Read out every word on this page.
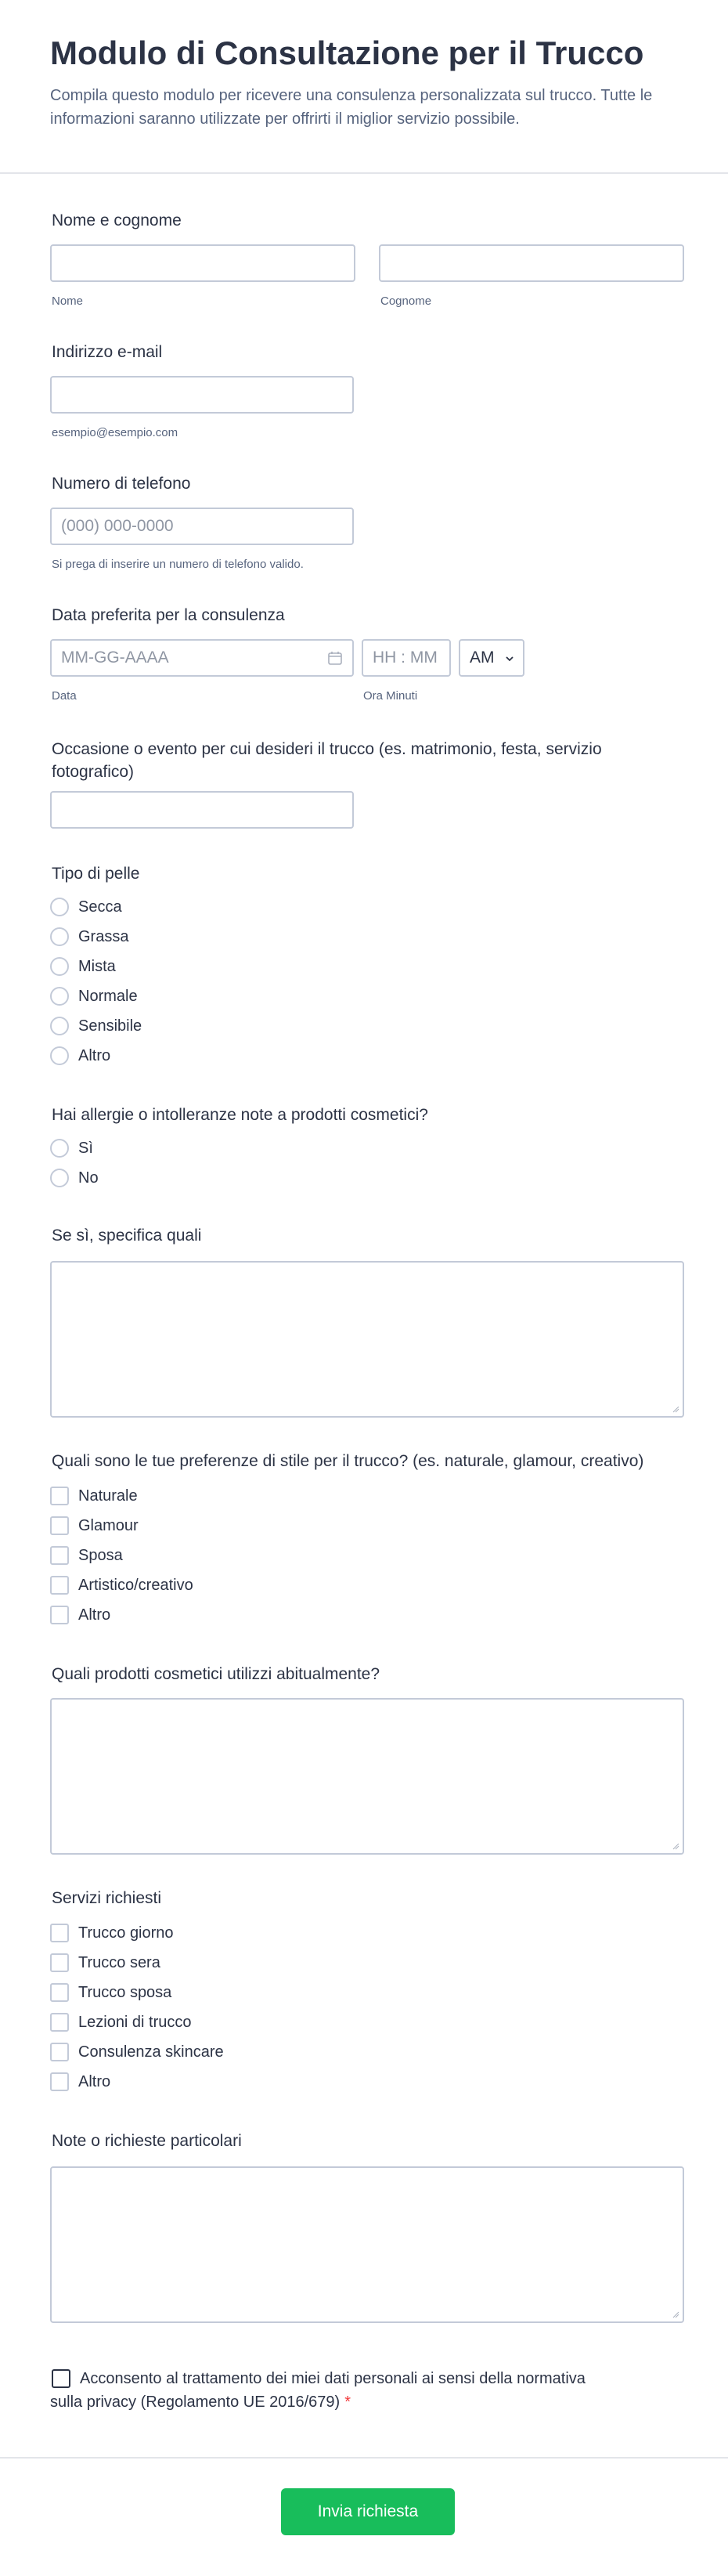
Modulo di Consultazione per il Trucco

Compila questo modulo per ricevere una consulenza personalizzata sul trucco. Tutte le informazioni saranno utilizzate per offrirti il miglior servizio possibile.

Nome e cognome
Nome	Cognome
Indirizzo e-mail
esempio@esempio.com
Numero di telefono
(000) 000-0000
Si prega di inserire un numero di telefono valido.
Data preferita per la consulenza
MM-GG-AAAA	HH : MM	AM
Data	Ora Minuti
Occasione o evento per cui desideri il trucco (es. matrimonio, festa, servizio fotografico)
Tipo di pelle
Secca
Grassa
Mista
Normale
Sensibile
Altro
Hai allergie o intolleranze note a prodotti cosmetici?
Sì
No
Se sì, specifica quali
Quali sono le tue preferenze di stile per il trucco? (es. naturale, glamour, creativo)
Naturale
Glamour
Sposa
Artistico/creativo
Altro
Quali prodotti cosmetici utilizzi abitualmente?
Servizi richiesti
Trucco giorno
Trucco sera
Trucco sposa
Lezioni di trucco
Consulenza skincare
Altro
Note o richieste particolari
Acconsento al trattamento dei miei dati personali ai sensi della normativa sulla privacy (Regolamento UE 2016/679) *
Invia richiesta
